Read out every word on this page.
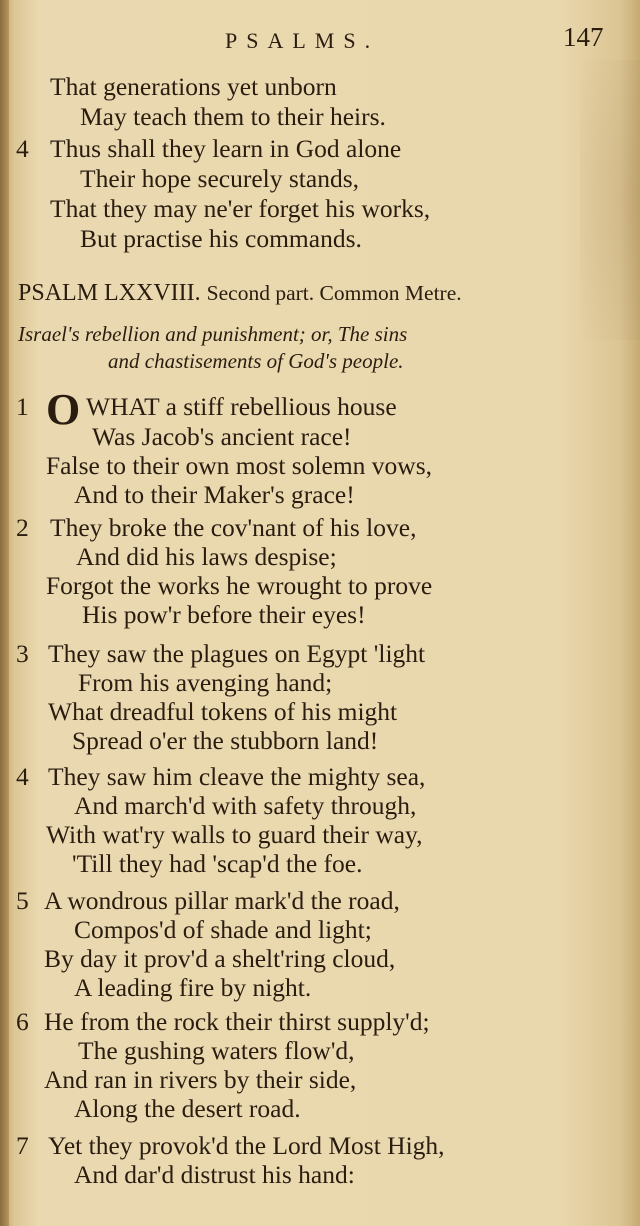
PSALMS.	147
That generations yet unborn
May teach them to their heirs.
4 Thus shall they learn in God alone
Their hope securely stands,
That they may ne'er forget his works,
But practise his commands.
PSALM LXXVIII. Second part. Common Metre.
Israel's rebellion and punishment; or, The sins
and chastisements of God's people.
1 O WHAT a stiff rebellious house
Was Jacob's ancient race!
False to their own most solemn vows,
And to their Maker's grace!
2 They broke the cov'nant of his love,
And did his laws despise;
Forgot the works he wrought to prove
His pow'r before their eyes!
3 They saw the plagues on Egypt 'light
From his avenging hand;
What dreadful tokens of his might
Spread o'er the stubborn land!
4 They saw him cleave the mighty sea,
And march'd with safety through,
With wat'ry walls to guard their way,
'Till they had 'scap'd the foe.
5 A wondrous pillar mark'd the road,
Compos'd of shade and light;
By day it prov'd a shelt'ring cloud,
A leading fire by night.
6 He from the rock their thirst supply'd;
The gushing waters flow'd,
And ran in rivers by their side,
Along the desert road.
7 Yet they provok'd the Lord Most High,
And dar'd distrust his hand:
